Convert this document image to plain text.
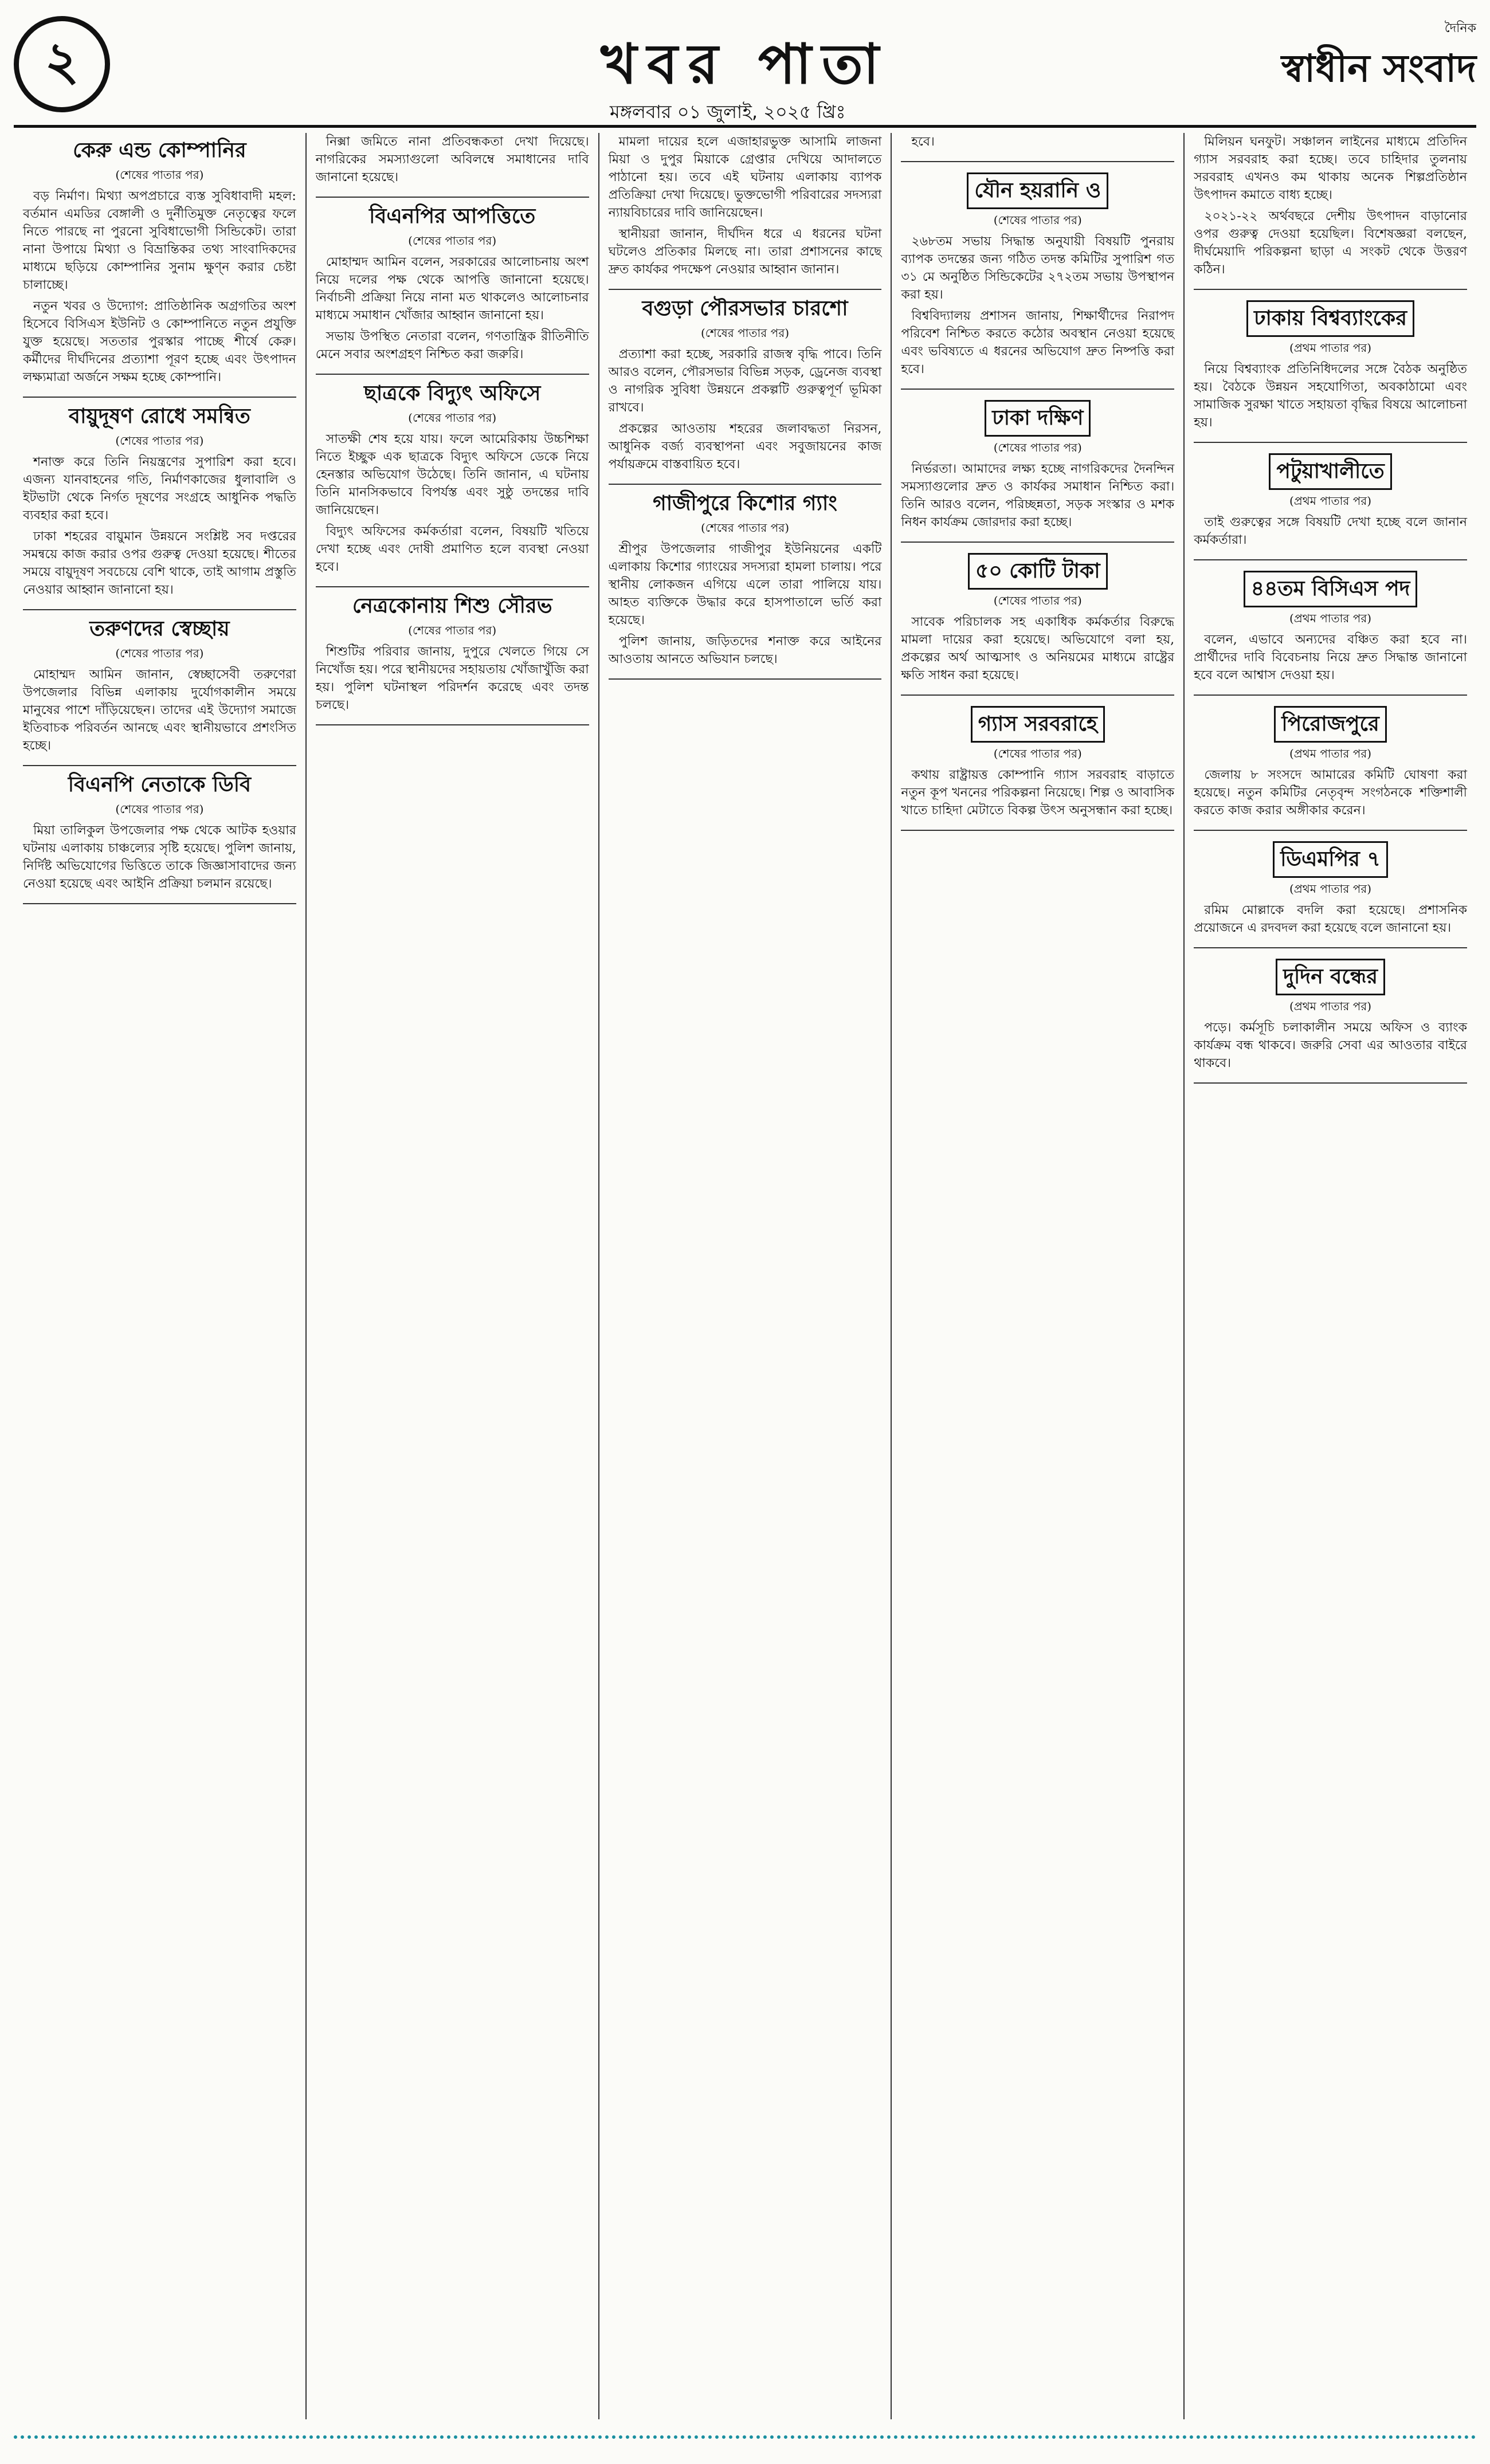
২	খবর পাতা
দৈনিক
স্বাধীন সংবাদ
মঙ্গলবার ০১ জুলাই, ২০২৫ খ্রিঃ
কেরু এন্ড কোম্পানির
(শেষের পাতার পর)

বড় নির্মাণ। মিথ্যা অপপ্রচারে ব্যস্ত সুবিধাবাদী মহল: বর্তমান এমডির বেঙ্গালী ও দুর্নীতিমুক্ত নেতৃত্বের ফলে নিতে পারছে না পুরনো সুবিধাভোগী সিন্ডিকেট। তারা নানা উপায়ে মিথ্যা ও বিভ্রান্তিকর তথ্য সাংবাদিকদের মাধ্যমে ছড়িয়ে কোম্পানির সুনাম ক্ষুণ্ন করার চেষ্টা চালাচ্ছে।

নতুন খবর ও উদ্যোগ: প্রাতিষ্ঠানিক অগ্রগতির অংশ হিসেবে বিসিএস ইউনিট ও কোম্পানিতে নতুন প্রযুক্তি যুক্ত হয়েছে। সততার পুরস্কার পাচ্ছে শীর্ষে কেরু। কর্মীদের দীর্ঘদিনের প্রত্যাশা পূরণ হচ্ছে এবং উৎপাদন লক্ষ্যমাত্রা অর্জনে সক্ষম হচ্ছে কোম্পানি।

বায়ুদূষণ রোধে সমন্বিত
(শেষের পাতার পর)

শনাক্ত করে তিনি নিয়ন্ত্রণের সুপারিশ করা হবে। এজন্য যানবাহনের গতি, নির্মাণকাজের ধুলাবালি ও ইটভাটা থেকে নির্গত দূষণের সংগ্রহে আধুনিক পদ্ধতি ব্যবহার করা হবে।

ঢাকা শহরের বায়ুমান উন্নয়নে সংশ্লিষ্ট সব দপ্তরের সমন্বয়ে কাজ করার ওপর গুরুত্ব দেওয়া হয়েছে। শীতের সময়ে বায়ুদূষণ সবচেয়ে বেশি থাকে, তাই আগাম প্রস্তুতি নেওয়ার আহ্বান জানানো হয়।

তরুণদের স্বেচ্ছায়
(শেষের পাতার পর)

মোহাম্মদ আমিন জানান, স্বেচ্ছাসেবী তরুণেরা উপজেলার বিভিন্ন এলাকায় দুর্যোগকালীন সময়ে মানুষের পাশে দাঁড়িয়েছেন। তাদের এই উদ্যোগ সমাজে ইতিবাচক পরিবর্তন আনছে এবং স্থানীয়ভাবে প্রশংসিত হচ্ছে।

বিএনপি নেতাকে ডিবি
(শেষের পাতার পর)

মিয়া তালিকুল উপজেলার পক্ষ থেকে আটক হওয়ার ঘটনায় এলাকায় চাঞ্চল্যের সৃষ্টি হয়েছে। পুলিশ জানায়, নির্দিষ্ট অভিযোগের ভিত্তিতে তাকে জিজ্ঞাসাবাদের জন্য নেওয়া হয়েছে এবং আইনি প্রক্রিয়া চলমান রয়েছে।

নিক্সা জমিতে নানা প্রতিবন্ধকতা দেখা দিয়েছে। নাগরিকের সমস্যাগুলো অবিলম্বে সমাধানের দাবি জানানো হয়েছে।

বিএনপির আপত্তিতে
(শেষের পাতার পর)

মোহাম্মদ আমিন বলেন, সরকারের আলোচনায় অংশ নিয়ে দলের পক্ষ থেকে আপত্তি জানানো হয়েছে। নির্বাচনী প্রক্রিয়া নিয়ে নানা মত থাকলেও আলোচনার মাধ্যমে সমাধান খোঁজার আহ্বান জানানো হয়।

সভায় উপস্থিত নেতারা বলেন, গণতান্ত্রিক রীতিনীতি মেনে সবার অংশগ্রহণ নিশ্চিত করা জরুরি।

ছাত্রকে বিদ্যুৎ অফিসে
(শেষের পাতার পর)

সাতক্ষী শেষ হয়ে যায়। ফলে আমেরিকায় উচ্চশিক্ষা নিতে ইচ্ছুক এক ছাত্রকে বিদ্যুৎ অফিসে ডেকে নিয়ে হেনস্তার অভিযোগ উঠেছে। তিনি জানান, এ ঘটনায় তিনি মানসিকভাবে বিপর্যস্ত এবং সুষ্ঠু তদন্তের দাবি জানিয়েছেন।

বিদ্যুৎ অফিসের কর্মকর্তারা বলেন, বিষয়টি খতিয়ে দেখা হচ্ছে এবং দোষী প্রমাণিত হলে ব্যবস্থা নেওয়া হবে।

নেত্রকোনায় শিশু সৌরভ
(শেষের পাতার পর)

শিশুটির পরিবার জানায়, দুপুরে খেলতে গিয়ে সে নিখোঁজ হয়। পরে স্থানীয়দের সহায়তায় খোঁজাখুঁজি করা হয়। পুলিশ ঘটনাস্থল পরিদর্শন করেছে এবং তদন্ত চলছে।

মামলা দায়ের হলে এজাহারভুক্ত আসামি লাজনা মিয়া ও দুপুর মিয়াকে গ্রেপ্তার দেখিয়ে আদালতে পাঠানো হয়। তবে এই ঘটনায় এলাকায় ব্যাপক প্রতিক্রিয়া দেখা দিয়েছে। ভুক্তভোগী পরিবারের সদস্যরা ন্যায়বিচারের দাবি জানিয়েছেন।

স্থানীয়রা জানান, দীর্ঘদিন ধরে এ ধরনের ঘটনা ঘটলেও প্রতিকার মিলছে না। তারা প্রশাসনের কাছে দ্রুত কার্যকর পদক্ষেপ নেওয়ার আহ্বান জানান।

বগুড়া পৌরসভার চারশো
(শেষের পাতার পর)

প্রত্যাশা করা হচ্ছে, সরকারি রাজস্ব বৃদ্ধি পাবে। তিনি আরও বলেন, পৌরসভার বিভিন্ন সড়ক, ড্রেনেজ ব্যবস্থা ও নাগরিক সুবিধা উন্নয়নে প্রকল্পটি গুরুত্বপূর্ণ ভূমিকা রাখবে।

প্রকল্পের আওতায় শহরের জলাবদ্ধতা নিরসন, আধুনিক বর্জ্য ব্যবস্থাপনা এবং সবুজায়নের কাজ পর্যায়ক্রমে বাস্তবায়িত হবে।

গাজীপুরে কিশোর গ্যাং
(শেষের পাতার পর)

শ্রীপুর উপজেলার গাজীপুর ইউনিয়নের একটি এলাকায় কিশোর গ্যাংয়ের সদস্যরা হামলা চালায়। পরে স্থানীয় লোকজন এগিয়ে এলে তারা পালিয়ে যায়। আহত ব্যক্তিকে উদ্ধার করে হাসপাতালে ভর্তি করা হয়েছে।

পুলিশ জানায়, জড়িতদের শনাক্ত করে আইনের আওতায় আনতে অভিযান চলছে।

হবে।

যৌন হয়রানি ও
(শেষের পাতার পর)

২৬৮তম সভায় সিদ্ধান্ত অনুযায়ী বিষয়টি পুনরায় ব্যাপক তদন্তের জন্য গঠিত তদন্ত কমিটির সুপারিশ গত ৩১ মে অনুষ্ঠিত সিন্ডিকেটের ২৭২তম সভায় উপস্থাপন করা হয়।

বিশ্ববিদ্যালয় প্রশাসন জানায়, শিক্ষার্থীদের নিরাপদ পরিবেশ নিশ্চিত করতে কঠোর অবস্থান নেওয়া হয়েছে এবং ভবিষ্যতে এ ধরনের অভিযোগ দ্রুত নিষ্পত্তি করা হবে।

ঢাকা দক্ষিণ
(শেষের পাতার পর)

নির্ভরতা। আমাদের লক্ষ্য হচ্ছে নাগরিকদের দৈনন্দিন সমস্যাগুলোর দ্রুত ও কার্যকর সমাধান নিশ্চিত করা। তিনি আরও বলেন, পরিচ্ছন্নতা, সড়ক সংস্কার ও মশক নিধন কার্যক্রম জোরদার করা হচ্ছে।

৫০ কোটি টাকা
(শেষের পাতার পর)

সাবেক পরিচালক সহ একাধিক কর্মকর্তার বিরুদ্ধে মামলা দায়ের করা হয়েছে। অভিযোগে বলা হয়, প্রকল্পের অর্থ আত্মসাৎ ও অনিয়মের মাধ্যমে রাষ্ট্রের ক্ষতি সাধন করা হয়েছে।

গ্যাস সরবরাহে
(শেষের পাতার পর)

কথায় রাষ্ট্রায়ত্ত কোম্পানি গ্যাস সরবরাহ বাড়াতে নতুন কূপ খননের পরিকল্পনা নিয়েছে। শিল্প ও আবাসিক খাতে চাহিদা মেটাতে বিকল্প উৎস অনুসন্ধান করা হচ্ছে।

মিলিয়ন ঘনফুট। সঞ্চালন লাইনের মাধ্যমে প্রতিদিন গ্যাস সরবরাহ করা হচ্ছে। তবে চাহিদার তুলনায় সরবরাহ এখনও কম থাকায় অনেক শিল্পপ্রতিষ্ঠান উৎপাদন কমাতে বাধ্য হচ্ছে।

২০২১-২২ অর্থবছরে দেশীয় উৎপাদন বাড়ানোর ওপর গুরুত্ব দেওয়া হয়েছিল। বিশেষজ্ঞরা বলছেন, দীর্ঘমেয়াদি পরিকল্পনা ছাড়া এ সংকট থেকে উত্তরণ কঠিন।

ঢাকায় বিশ্বব্যাংকের
(প্রথম পাতার পর)

নিয়ে বিশ্বব্যাংক প্রতিনিধিদলের সঙ্গে বৈঠক অনুষ্ঠিত হয়। বৈঠকে উন্নয়ন সহযোগিতা, অবকাঠামো এবং সামাজিক সুরক্ষা খাতে সহায়তা বৃদ্ধির বিষয়ে আলোচনা হয়।

পটুয়াখালীতে
(প্রথম পাতার পর)

তাই গুরুত্বের সঙ্গে বিষয়টি দেখা হচ্ছে বলে জানান কর্মকর্তারা।

৪৪তম বিসিএস পদ
(প্রথম পাতার পর)

বলেন, এভাবে অন্যদের বঞ্চিত করা হবে না। প্রার্থীদের দাবি বিবেচনায় নিয়ে দ্রুত সিদ্ধান্ত জানানো হবে বলে আশ্বাস দেওয়া হয়।

পিরোজপুরে
(প্রথম পাতার পর)

জেলায় ৮ সংসদে আমারের কমিটি ঘোষণা করা হয়েছে। নতুন কমিটির নেতৃবৃন্দ সংগঠনকে শক্তিশালী করতে কাজ করার অঙ্গীকার করেন।

ডিএমপির ৭
(প্রথম পাতার পর)

রমিম মোল্লাকে বদলি করা হয়েছে। প্রশাসনিক প্রয়োজনে এ রদবদল করা হয়েছে বলে জানানো হয়।

দুদিন বন্ধের
(প্রথম পাতার পর)

পড়ে। কর্মসূচি চলাকালীন সময়ে অফিস ও ব্যাংক কার্যক্রম বন্ধ থাকবে। জরুরি সেবা এর আওতার বাইরে থাকবে।
